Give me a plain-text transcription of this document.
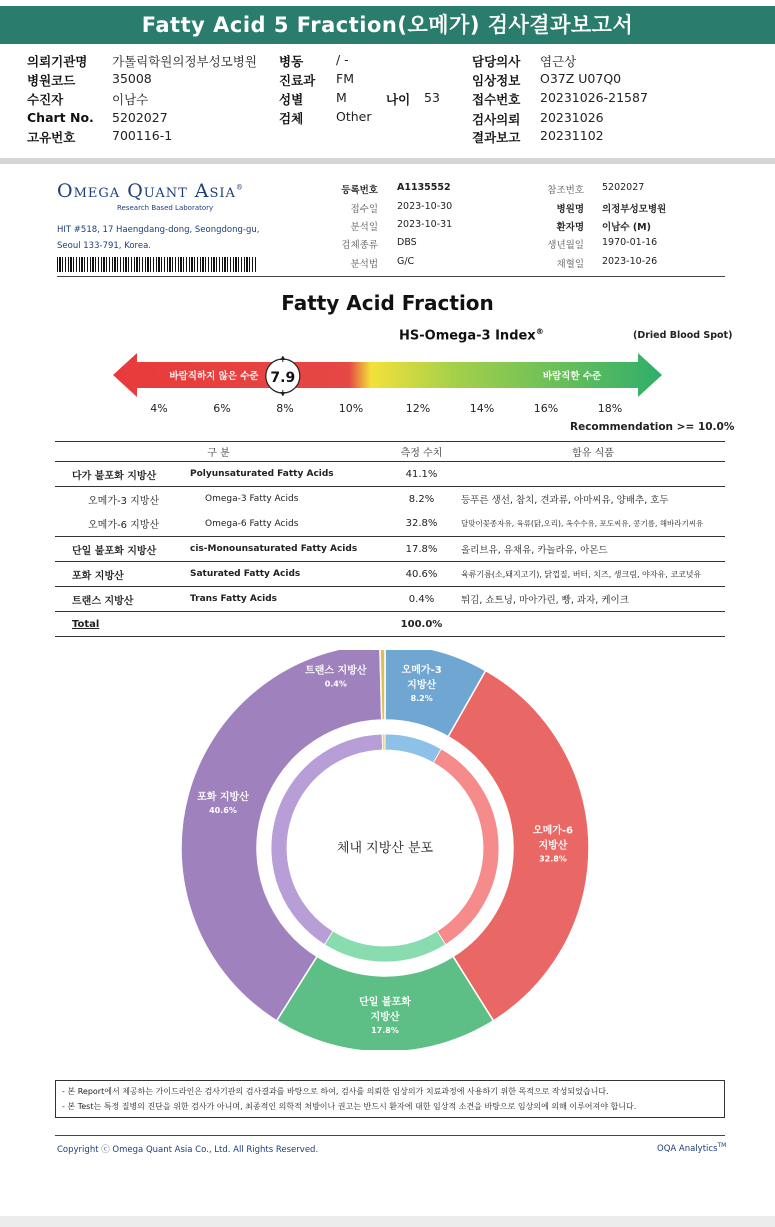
Fatty Acid 5 Fraction(오메가) 검사결과보고서
의뢰기관명 가톨릭학원의정부성모병원
병원코드	35008
수진자	이남수
Chart No. 5202027
고유번호	700116-1
병동	/ -
진료과 FM
성별	M	나이 53
검체	Other
담당의사 염근상
임상정보 O37Z U07Q0
접수번호 20231026-21587
검사의뢰 20231026
결과보고 20231102
Omega Quant Asia®
Research Based Laboratory
HIT #518, 17 Haengdang-dong, Seongdong-gu,
Seoul 133-791, Korea.
등록번호 A1135552
접수일 2023-10-30
분석일 2023-10-31
검체종류 DBS
분석법 G/C
참조번호 5202027
병원명 의정부성모병원
환자명 이남수 (M)
생년월일 1970-01-16
채혈일 2023-10-26
Fatty Acid Fraction
HS-Omega-3 Index®	(Dried Blood Spot)
바람직하지 않은 수준	바람직한 수준
7.9
4%	6%	8%	10%	12%	14%	16%	18%
Recommendation >= 10.0%
구 분		측정 수치	함유 식품
다가 불포화 지방산	Polyunsaturated Fatty Acids	41.1%	
오메가-3 지방산	Omega-3 Fatty Acids	8.2%	등푸른 생선, 참치, 견과류, 아마씨유, 양배추, 호두
오메가-6 지방산	Omega-6 Fatty Acids	32.8%	달맞이꽃종자유, 육류(닭,오리), 옥수수유, 포도씨유, 콩기름, 해바라기씨유
단일 불포화 지방산	cis-Monounsaturated Fatty Acids	17.8%	올리브유, 유채유, 카놀라유, 아몬드
포화 지방산	Saturated Fatty Acids	40.6%	육류기름(소,돼지고기), 닭껍질, 버터, 치즈, 생크림, 야자유, 코코넛유
트랜스 지방산	Trans Fatty Acids	0.4%	튀김, 쇼트닝, 마아가린, 빵, 과자, 케이크
Total		100.0%	
체내 지방산 분포
오메가-3
지방산
8.2%
오메가-6
지방산
32.8%
단일 불포화
지방산
17.8%
포화 지방산
40.6%
트랜스 지방산
0.4%
- 본 Report에서 제공하는 가이드라인은 검사기관의 검사결과를 바탕으로 하여, 검사를 의뢰한 임상의가 치료과정에 사용하기 위한 목적으로 작성되었습니다.
- 본 Test는 특정 질병의 진단을 위한 검사가 아니며, 최종적인 의학적 처방이나 권고는 반드시 환자에 대한 임상적 소견을 바탕으로 임상의에 의해 이루어져야 합니다.
Copyright ⓒ Omega Quant Asia Co., Ltd. All Rights Reserved.	OQA Analytics™
